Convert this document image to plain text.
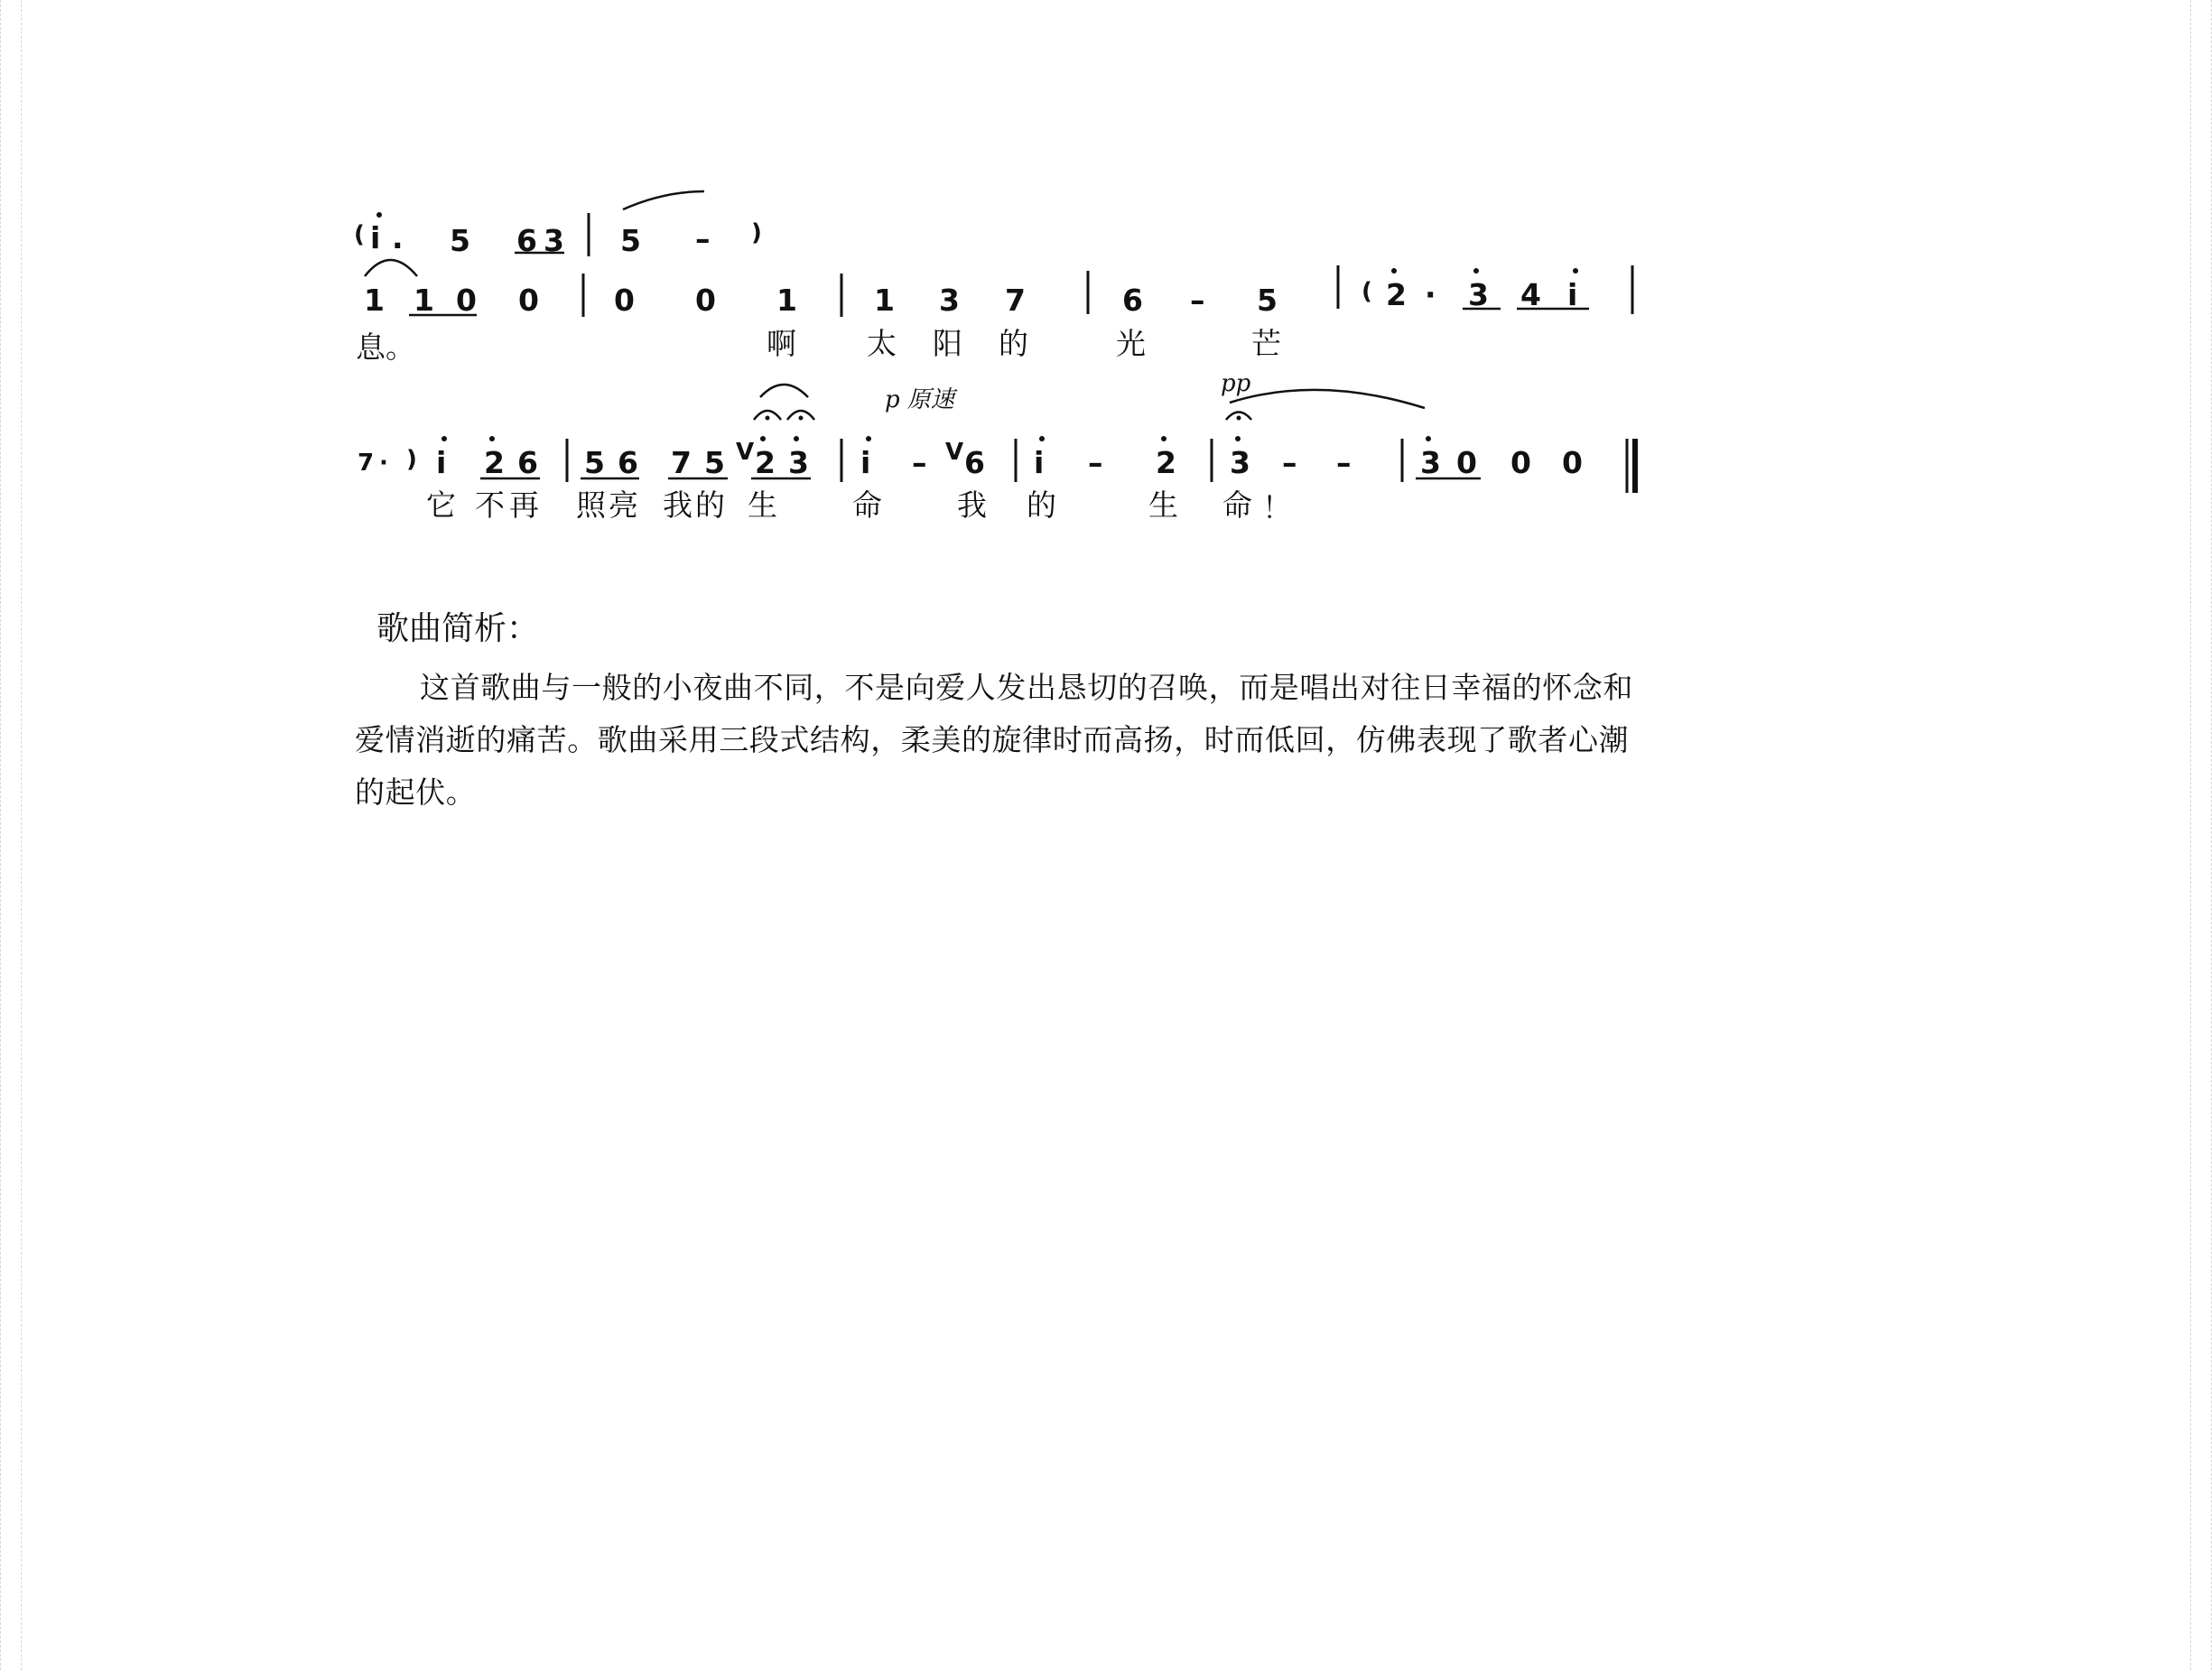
( i . 5 6 3 5 – )
1 1 0 0	0 0 1	1 3 7	6 – 5	( 2 · 3 4 i
息。	啊 太 阳 的	光	芒
p 原速
pp
7 · ) i 2 6 5 6 7 5 V 2 3 i – V 6 i – 2 3 – – 3 0 0 0
它 不 再 照 亮 我 的 生	命	我 的	生 命 ！
歌曲简析：
这首歌曲与一般的小夜曲不同，不是向爱人发出恳切的召唤，而是唱出对往日幸福的怀念和爱情消逝的痛苦。歌曲采用三段式结构，柔美的旋律时而高扬，时而低回，仿佛表现了歌者心潮的起伏。
